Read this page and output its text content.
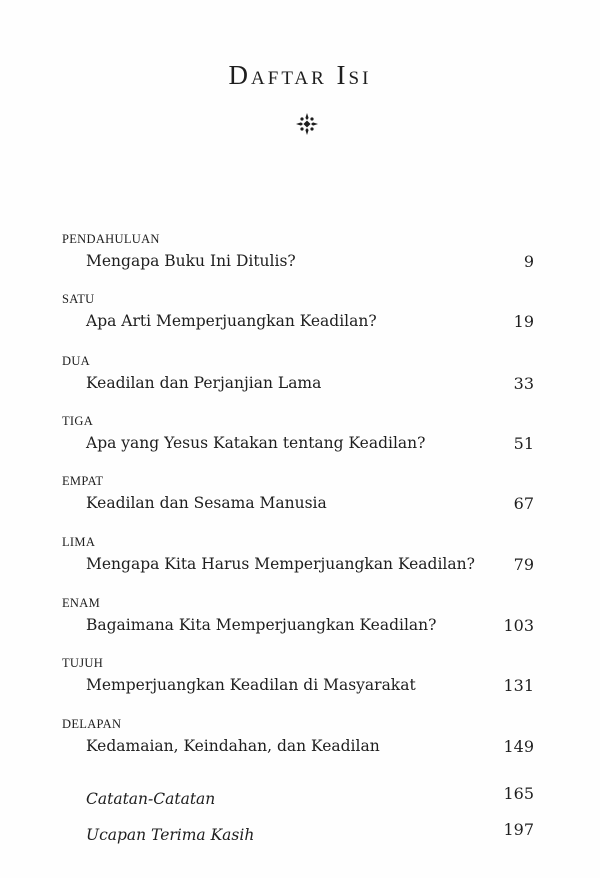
Daftar Isi
PENDAHULUAN
Mengapa Buku Ini Ditulis?	9
SATU
Apa Arti Memperjuangkan Keadilan?	19
DUA
Keadilan dan Perjanjian Lama	33
TIGA
Apa yang Yesus Katakan tentang Keadilan?	51
EMPAT
Keadilan dan Sesama Manusia	67
LIMA
Mengapa Kita Harus Memperjuangkan Keadilan? 79
ENAM
Bagaimana Kita Memperjuangkan Keadilan?	103
TUJUH
Memperjuangkan Keadilan di Masyarakat	131
DELAPAN
Kedamaian, Keindahan, dan Keadilan	149
Catatan-Catatan	165
Ucapan Terima Kasih	197
